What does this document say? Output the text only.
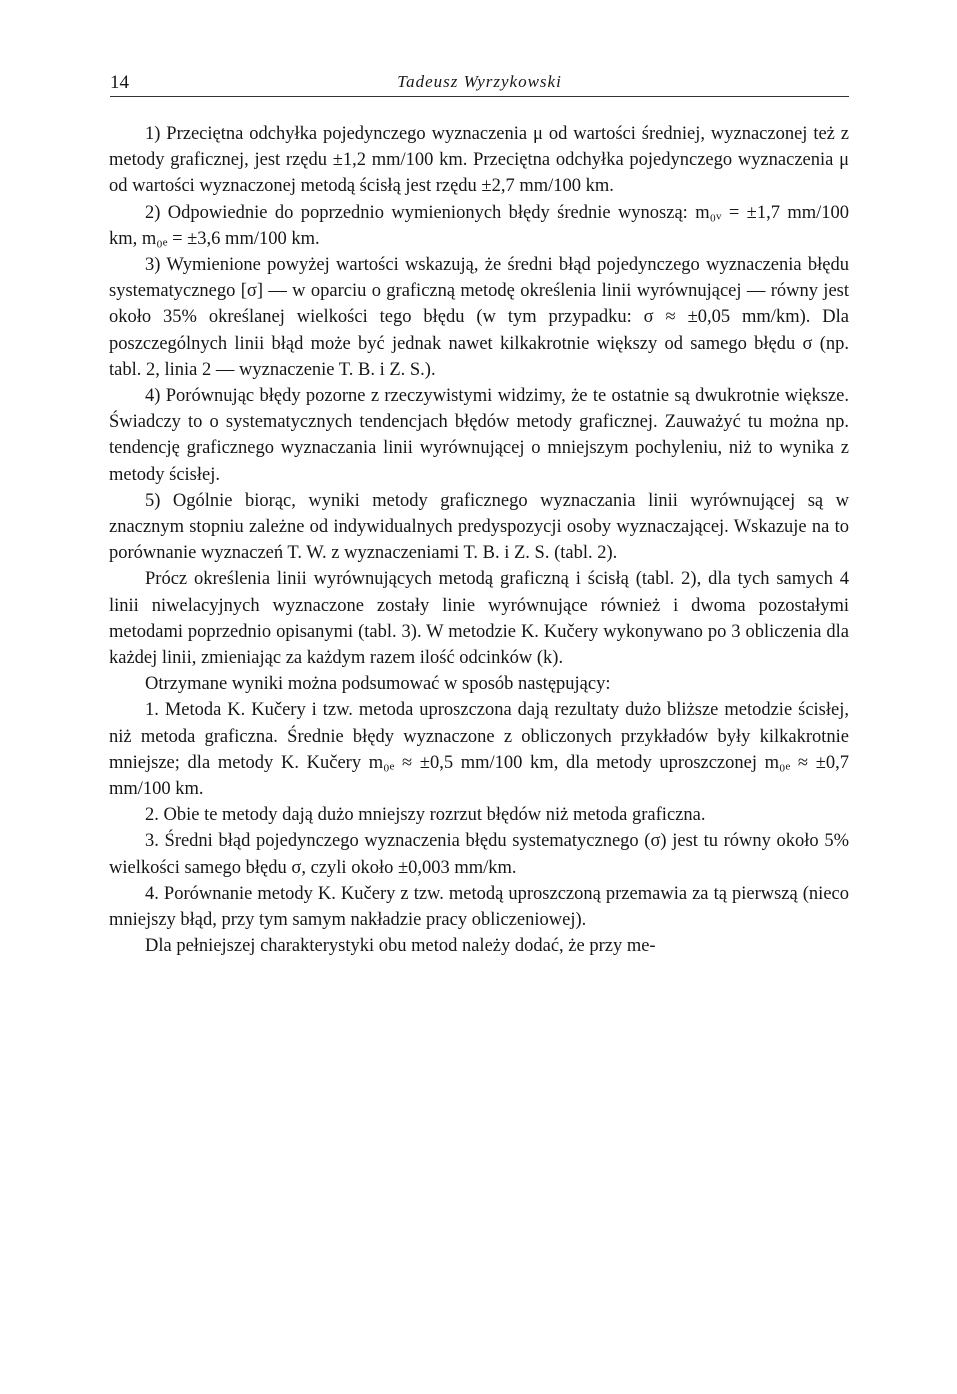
14	Tadeusz Wyrzykowski

1) Przeciętna odchyłka pojedynczego wyznaczenia μ od wartości średniej, wyznaczonej też z metody graficznej, jest rzędu ±1,2 mm/100 km. Przeciętna odchyłka pojedynczego wyznaczenia μ od wartości wyznaczonej metodą ścisłą jest rzędu ±2,7 mm/100 km.

2) Odpowiednie do poprzednio wymienionych błędy średnie wynoszą: m₀ᵥ = ±1,7 mm/100 km, m₀ₑ = ±3,6 mm/100 km.

3) Wymienione powyżej wartości wskazują, że średni błąd pojedynczego wyznaczenia błędu systematycznego [σ] — w oparciu o graficzną metodę określenia linii wyrównującej — równy jest około 35% określanej wielkości tego błędu (w tym przypadku: σ ≈ ±0,05 mm/km). Dla poszczególnych linii błąd może być jednak nawet kilkakrotnie większy od samego błędu σ (np. tabl. 2, linia 2 — wyznaczenie T. B. i Z. S.).

4) Porównując błędy pozorne z rzeczywistymi widzimy, że te ostatnie są dwukrotnie większe. Świadczy to o systematycznych tendencjach błędów metody graficznej. Zauważyć tu można np. tendencję graficznego wyznaczania linii wyrównującej o mniejszym pochyleniu, niż to wynika z metody ścisłej.

5) Ogólnie biorąc, wyniki metody graficznego wyznaczania linii wyrównującej są w znacznym stopniu zależne od indywidualnych predyspozycji osoby wyznaczającej. Wskazuje na to porównanie wyznaczeń T. W. z wyznaczeniami T. B. i Z. S. (tabl. 2).

Prócz określenia linii wyrównujących metodą graficzną i ścisłą (tabl. 2), dla tych samych 4 linii niwelacyjnych wyznaczone zostały linie wyrównujące również i dwoma pozostałymi metodami poprzednio opisanymi (tabl. 3). W metodzie K. Kučery wykonywano po 3 obliczenia dla każdej linii, zmieniając za każdym razem ilość odcinków (k).

Otrzymane wyniki można podsumować w sposób następujący:

1. Metoda K. Kučery i tzw. metoda uproszczona dają rezultaty dużo bliższe metodzie ścisłej, niż metoda graficzna. Średnie błędy wyznaczone z obliczonych przykładów były kilkakrotnie mniejsze; dla metody K. Kučery m₀ₑ ≈ ±0,5 mm/100 km, dla metody uproszczonej m₀ₑ ≈ ±0,7 mm/100 km.

2. Obie te metody dają dużo mniejszy rozrzut błędów niż metoda graficzna.

3. Średni błąd pojedynczego wyznaczenia błędu systematycznego (σ) jest tu równy około 5% wielkości samego błędu σ, czyli około ±0,003 mm/km.

4. Porównanie metody K. Kučery z tzw. metodą uproszczoną przemawia za tą pierwszą (nieco mniejszy błąd, przy tym samym nakładzie pracy obliczeniowej).

Dla pełniejszej charakterystyki obu metod należy dodać, że przy me-
